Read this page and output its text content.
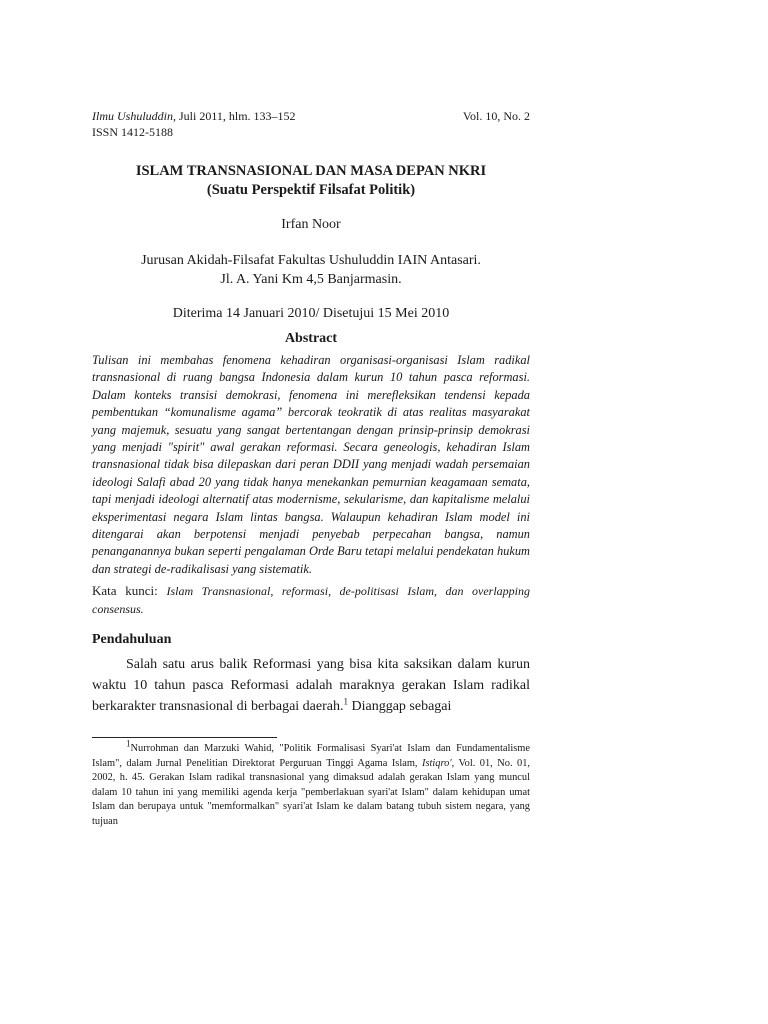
Ilmu Ushuluddin, Juli 2011, hlm. 133–152
ISSN 1412-5188
Vol. 10, No. 2
ISLAM TRANSNASIONAL DAN MASA DEPAN NKRI
(Suatu Perspektif Filsafat Politik)
Irfan Noor
Jurusan Akidah-Filsafat Fakultas Ushuluddin IAIN Antasari.
Jl. A. Yani Km 4,5 Banjarmasin.
Diterima 14 Januari 2010/ Disetujui 15 Mei 2010
Abstract
Tulisan ini membahas fenomena kehadiran organisasi-organisasi Islam radikal transnasional di ruang bangsa Indonesia dalam kurun 10 tahun pasca reformasi. Dalam konteks transisi demokrasi, fenomena ini merefleksikan tendensi kepada pembentukan “komunalisme agama” bercorak teokratik di atas realitas masyarakat yang majemuk, sesuatu yang sangat bertentangan dengan prinsip-prinsip demokrasi yang menjadi "spirit" awal gerakan reformasi. Secara geneologis, kehadiran Islam transnasional tidak bisa dilepaskan dari peran DDII yang menjadi wadah persemaian ideologi Salafi abad 20 yang tidak hanya menekankan pemurnian keagamaan semata, tapi menjadi ideologi alternatif atas modernisme, sekularisme, dan kapitalisme melalui eksperimentasi negara Islam lintas bangsa. Walaupun kehadiran Islam model ini ditengarai akan berpotensi menjadi penyebab perpecahan bangsa, namun penanganannya bukan seperti pengalaman Orde Baru tetapi melalui pendekatan hukum dan strategi de-radikalisasi yang sistematik.
Kata kunci: Islam Transnasional, reformasi, de-politisasi Islam, dan overlapping consensus.
Pendahuluan
Salah satu arus balik Reformasi yang bisa kita saksikan dalam kurun waktu 10 tahun pasca Reformasi adalah maraknya gerakan Islam radikal berkarakter transnasional di berbagai daerah.$^1$ Dianggap sebagai
$^1$Nurrohman dan Marzuki Wahid, "Politik Formalisasi Syari'at Islam dan Fundamentalisme Islam", dalam Jurnal Penelitian Direktorat Perguruan Tinggi Agama Islam, Istiqro', Vol. 01, No. 01, 2002, h. 45. Gerakan Islam radikal transnasional yang dimaksud adalah gerakan Islam yang muncul dalam 10 tahun ini yang memiliki agenda kerja "pemberlakuan syari'at Islam" dalam kehidupan umat Islam dan berupaya untuk "memformalkan" syari'at Islam ke dalam batang tubuh sistem negara, yang tujuan
